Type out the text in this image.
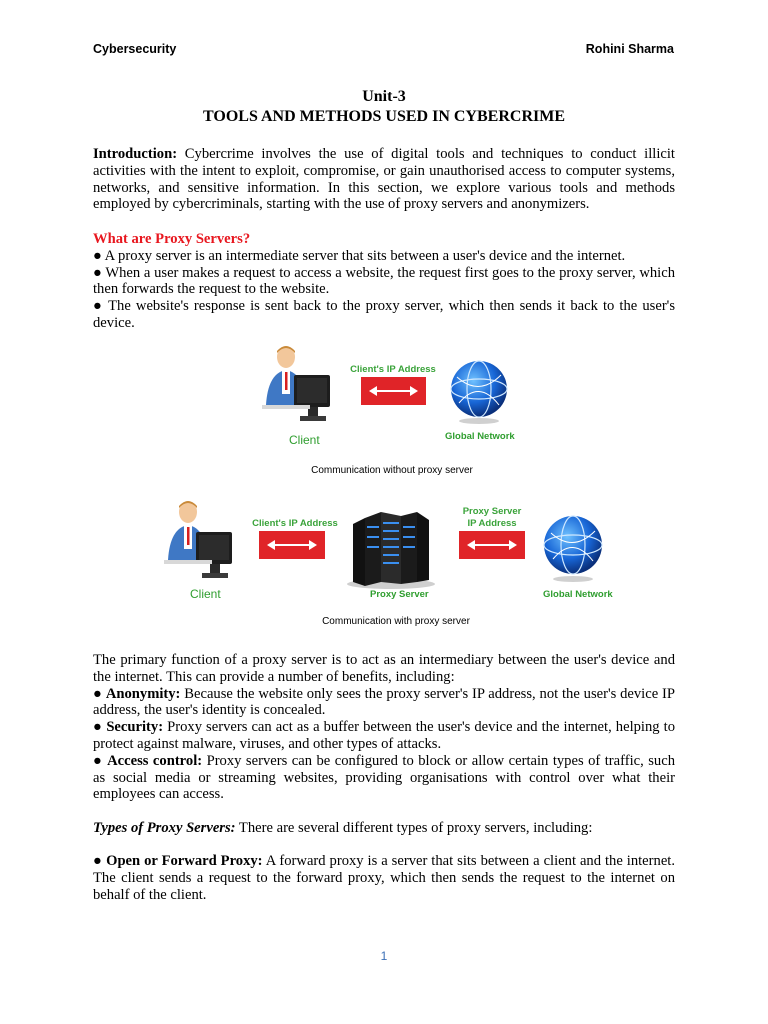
Cybersecurity	Rohini Sharma
Unit-3
TOOLS AND METHODS USED IN CYBERCRIME
Introduction: Cybercrime involves the use of digital tools and techniques to conduct illicit activities with the intent to exploit, compromise, or gain unauthorised access to computer systems, networks, and sensitive information. In this section, we explore various tools and methods employed by cybercriminals, starting with the use of proxy servers and anonymizers.

What are Proxy Servers?

● A proxy server is an intermediate server that sits between a user's device and the internet.

● When a user makes a request to access a website, the request first goes to the proxy server, which then forwards the request to the website.

● The website's response is sent back to the proxy server, which then sends it back to the user's device.

Client
Client's IP Address
Global Network
Communication without proxy server
Client
Client's IP Address
Proxy Server
Proxy Server
IP Address
Global Network
Communication with proxy server

The primary function of a proxy server is to act as an intermediary between the user's device and the internet. This can provide a number of benefits, including:

● Anonymity: Because the website only sees the proxy server's IP address, not the user's device IP address, the user's identity is concealed.

● Security: Proxy servers can act as a buffer between the user's device and the internet, helping to protect against malware, viruses, and other types of attacks.

● Access control: Proxy servers can be configured to block or allow certain types of traffic, such as social media or streaming websites, providing organisations with control over what their employees can access.

Types of Proxy Servers: There are several different types of proxy servers, including:
● Open or Forward Proxy: A forward proxy is a server that sits between a client and the internet. The client sends a request to the forward proxy, which then sends the request to the internet on behalf of the client.
1
